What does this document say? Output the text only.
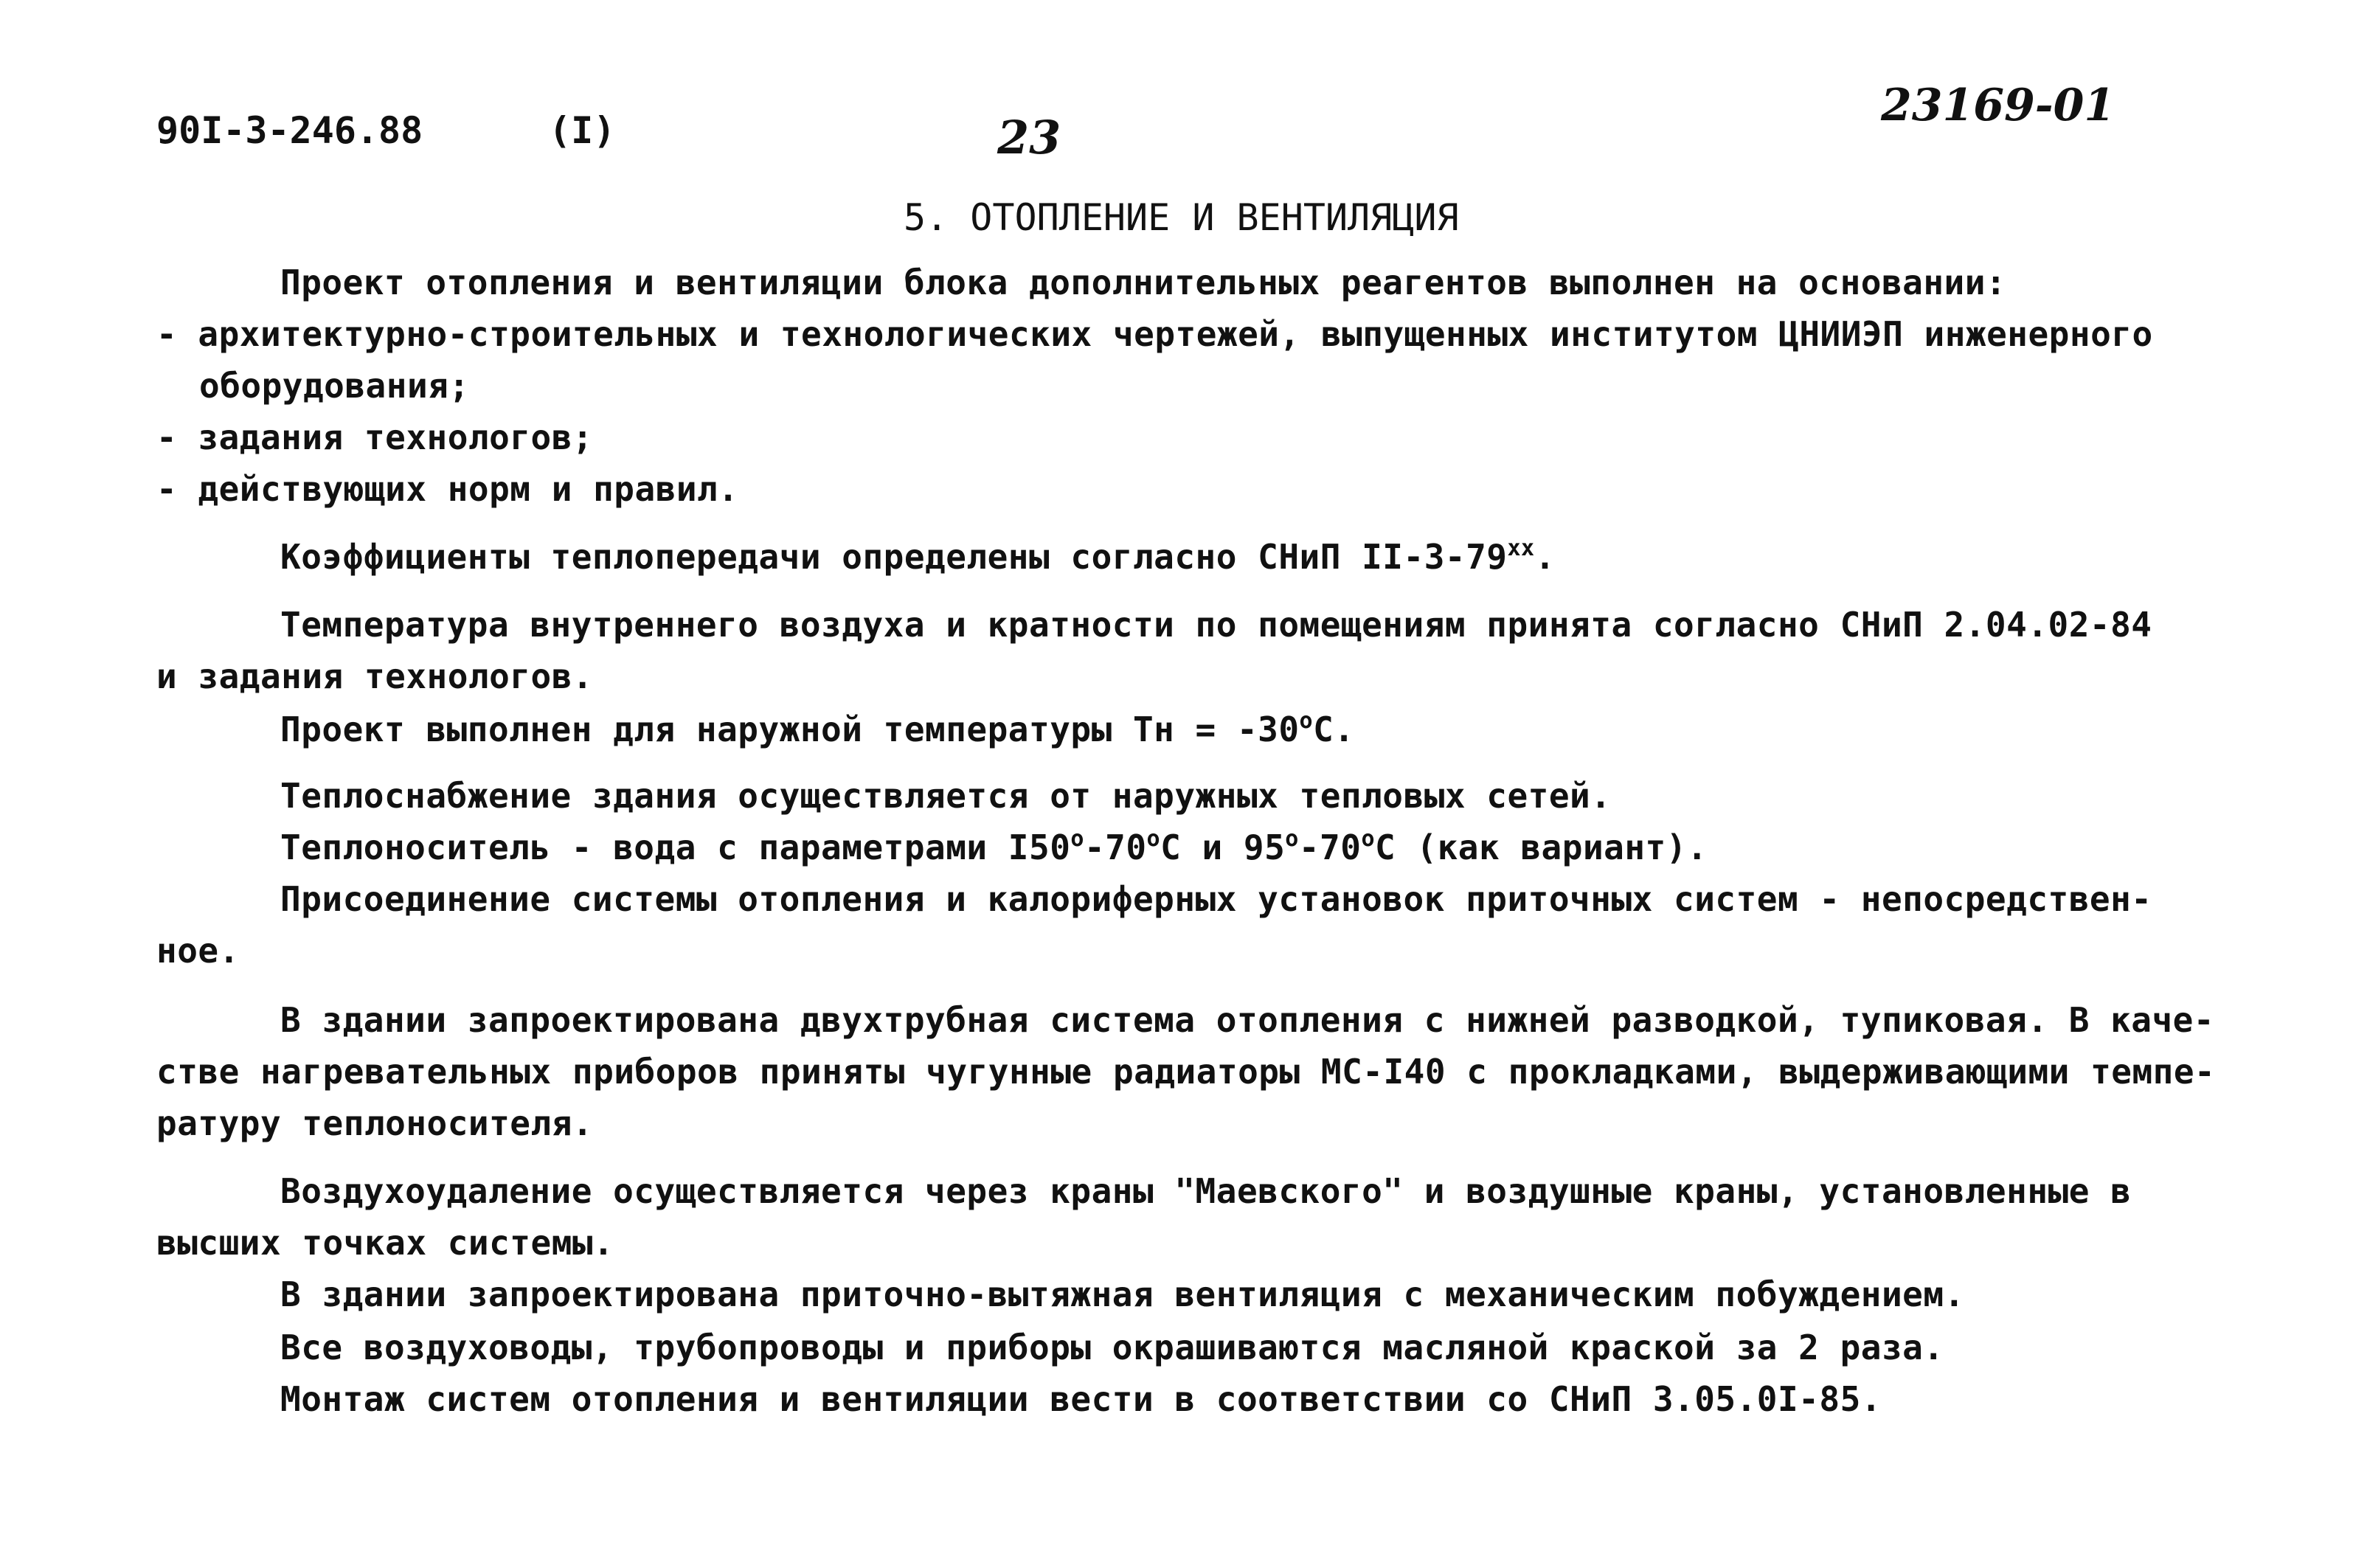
90I-3-246.88	(I)	23
23169-01
5. ОТОПЛЕНИЕ И ВЕНТИЛЯЦИЯ
Проект отопления и вентиляции блока дополнительных реагентов выполнен на основании:
- архитектурно-строительных и технологических чертежей, выпущенных институтом ЦНИИЭП инженерного
оборудования;
- задания технологов;
- действующих норм и правил.
Коэффициенты теплопередачи определены согласно СНиП $II-3-79^{хх}$.
Температура внутреннего воздуха и кратности по помещениям принята согласно СНиП 2.04.02-84
и задания технологов.
Проект выполнен для наружной температуры Тн = $-30^oС$.
Теплоснабжение здания осуществляется от наружных тепловых сетей.
Теплоноситель - вода с параметрами I50$^o$-70$^o$С и 95$^o$-70$^o$С (как вариант).
Присоединение системы отопления и калориферных установок приточных систем - непосредствен-
ное.
В здании запроектирована двухтрубная система отопления с нижней разводкой, тупиковая. В каче-
стве нагревательных приборов приняты чугунные радиаторы МС-I40 с прокладками, выдерживающими темпе-
ратуру теплоносителя.
Воздухоудаление осуществляется через краны "Маевского" и воздушные краны, установленные в
высших точках системы.
В здании запроектирована приточно-вытяжная вентиляция с механическим побуждением.
Все воздуховоды, трубопроводы и приборы окрашиваются масляной краской за 2 раза.
Монтаж систем отопления и вентиляции вести в соответствии со СНиП 3.05.0I-85.
